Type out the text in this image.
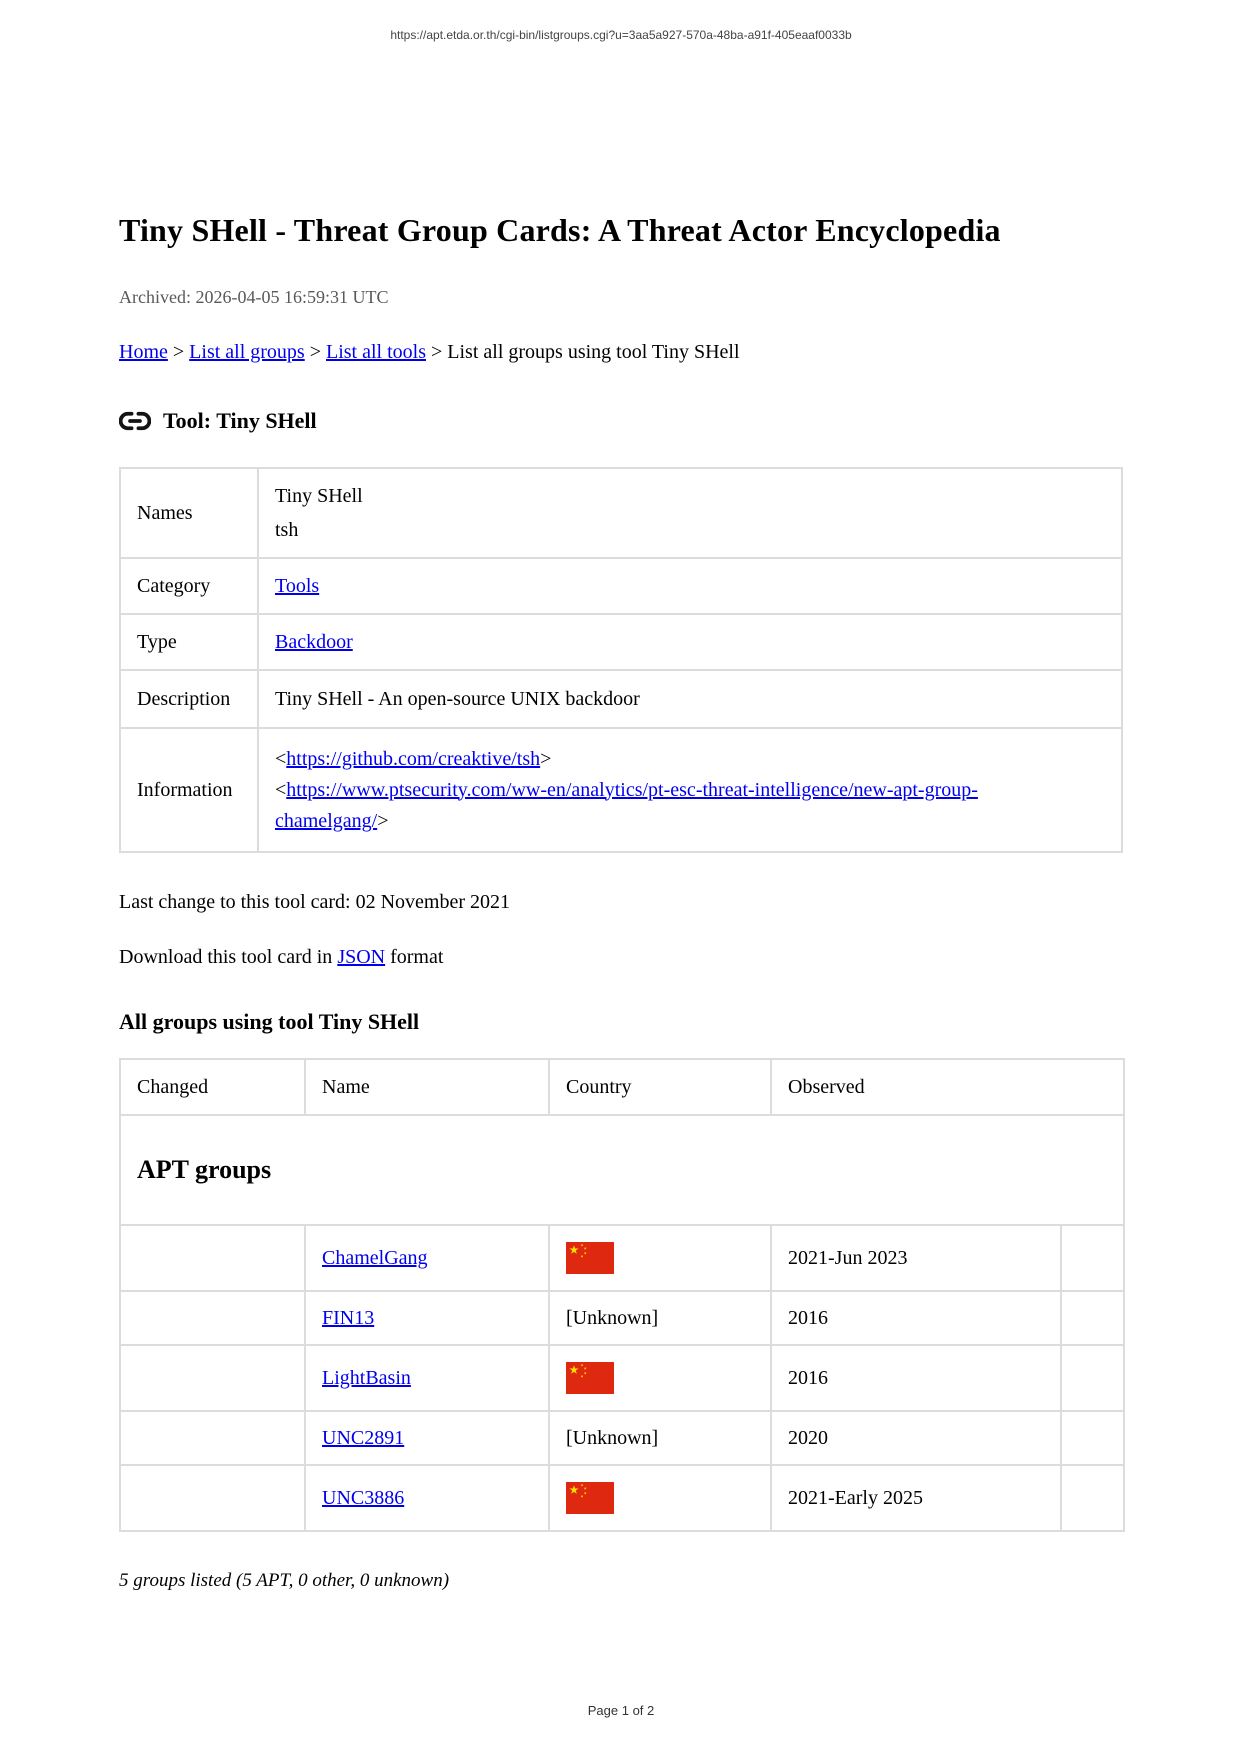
https://apt.etda.or.th/cgi-bin/listgroups.cgi?u=3aa5a927-570a-48ba-a91f-405eaaf0033b
Tiny SHell - Threat Group Cards: A Threat Actor Encyclopedia

Archived: 2026-04-05 16:59:31 UTC

Home > List all groups > List all tools > List all groups using tool Tiny SHell

Tool: Tiny SHell
Names	Tiny SHell
tsh
Category	Tools
Type	Backdoor
Description	Tiny SHell - An open-source UNIX backdoor
Information	<https://github.com/creaktive/tsh>
<https://www.ptsecurity.com/ww-en/analytics/pt-esc-threat-intelligence/new-apt-group-
chamelgang/>

Last change to this tool card: 02 November 2021

Download this tool card in JSON format

All groups using tool Tiny SHell
Changed	Name	Country	Observed	
APT groups				
	ChamelGang		2021-Jun 2023	
	FIN13	[Unknown]	2016	
	LightBasin		2016	
	UNC2891	[Unknown]	2020	
	UNC3886		2021-Early 2025	

5 groups listed (5 APT, 0 other, 0 unknown)

Page 1 of 2
